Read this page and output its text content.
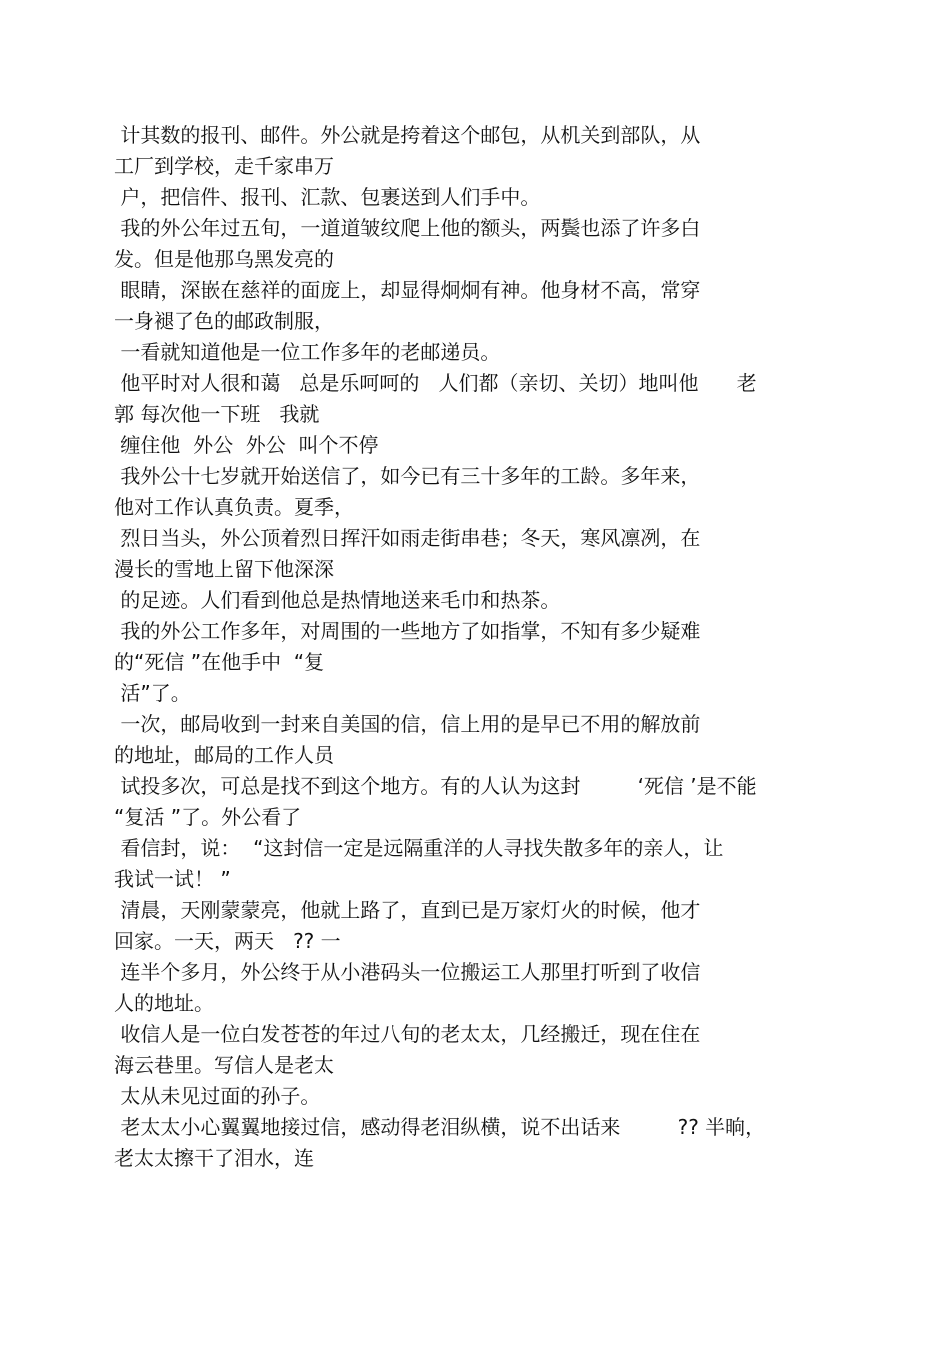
计其数的报刊、邮件。外公就是挎着这个邮包，从机关到部队，从
工厂到学校，走千家串万
户，把信件、报刊、汇款、包裹送到人们手中。
我的外公年过五旬，一道道皱纹爬上他的额头，两鬓也添了许多白
发。但是他那乌黑发亮的
眼睛，深嵌在慈祥的面庞上，却显得炯炯有神。他身材不高，常穿
一身褪了色的邮政制服，
一看就知道他是一位工作多年的老邮递员。
他平时对人很和蔼   总是乐呵呵的   人们都（亲切、关切）地叫他      老
郭 每次他一下班   我就
缠住他  外公  外公  叫个不停
我外公十七岁就开始送信了，如今已有三十多年的工龄。多年来，
他对工作认真负责。夏季，
烈日当头，外公顶着烈日挥汗如雨走街串巷；冬天，寒风凛冽，在
漫长的雪地上留下他深深
的足迹。人们看到他总是热情地送来毛巾和热茶。
我的外公工作多年，对周围的一些地方了如指掌，不知有多少疑难
的“死信 ”在他手中  “复
活”了。
一次，邮局收到一封来自美国的信，信上用的是早已不用的解放前
的地址，邮局的工作人员
试投多次，可总是找不到这个地方。有的人认为这封         ‘死信 ’是不能
“复活 ”了。外公看了
看信封，说：  “这封信一定是远隔重洋的人寻找失散多年的亲人，让
我试一试！ ”
清晨，天刚蒙蒙亮，他就上路了，直到已是万家灯火的时候，他才
回家。一天，两天   ?? 一
连半个多月，外公终于从小港码头一位搬运工人那里打听到了收信
人的地址。
收信人是一位白发苍苍的年过八旬的老太太，几经搬迁，现在住在
海云巷里。写信人是老太
太从未见过面的孙子。
老太太小心翼翼地接过信，感动得老泪纵横，说不出话来         ?? 半晌，
老太太擦干了泪水，连
